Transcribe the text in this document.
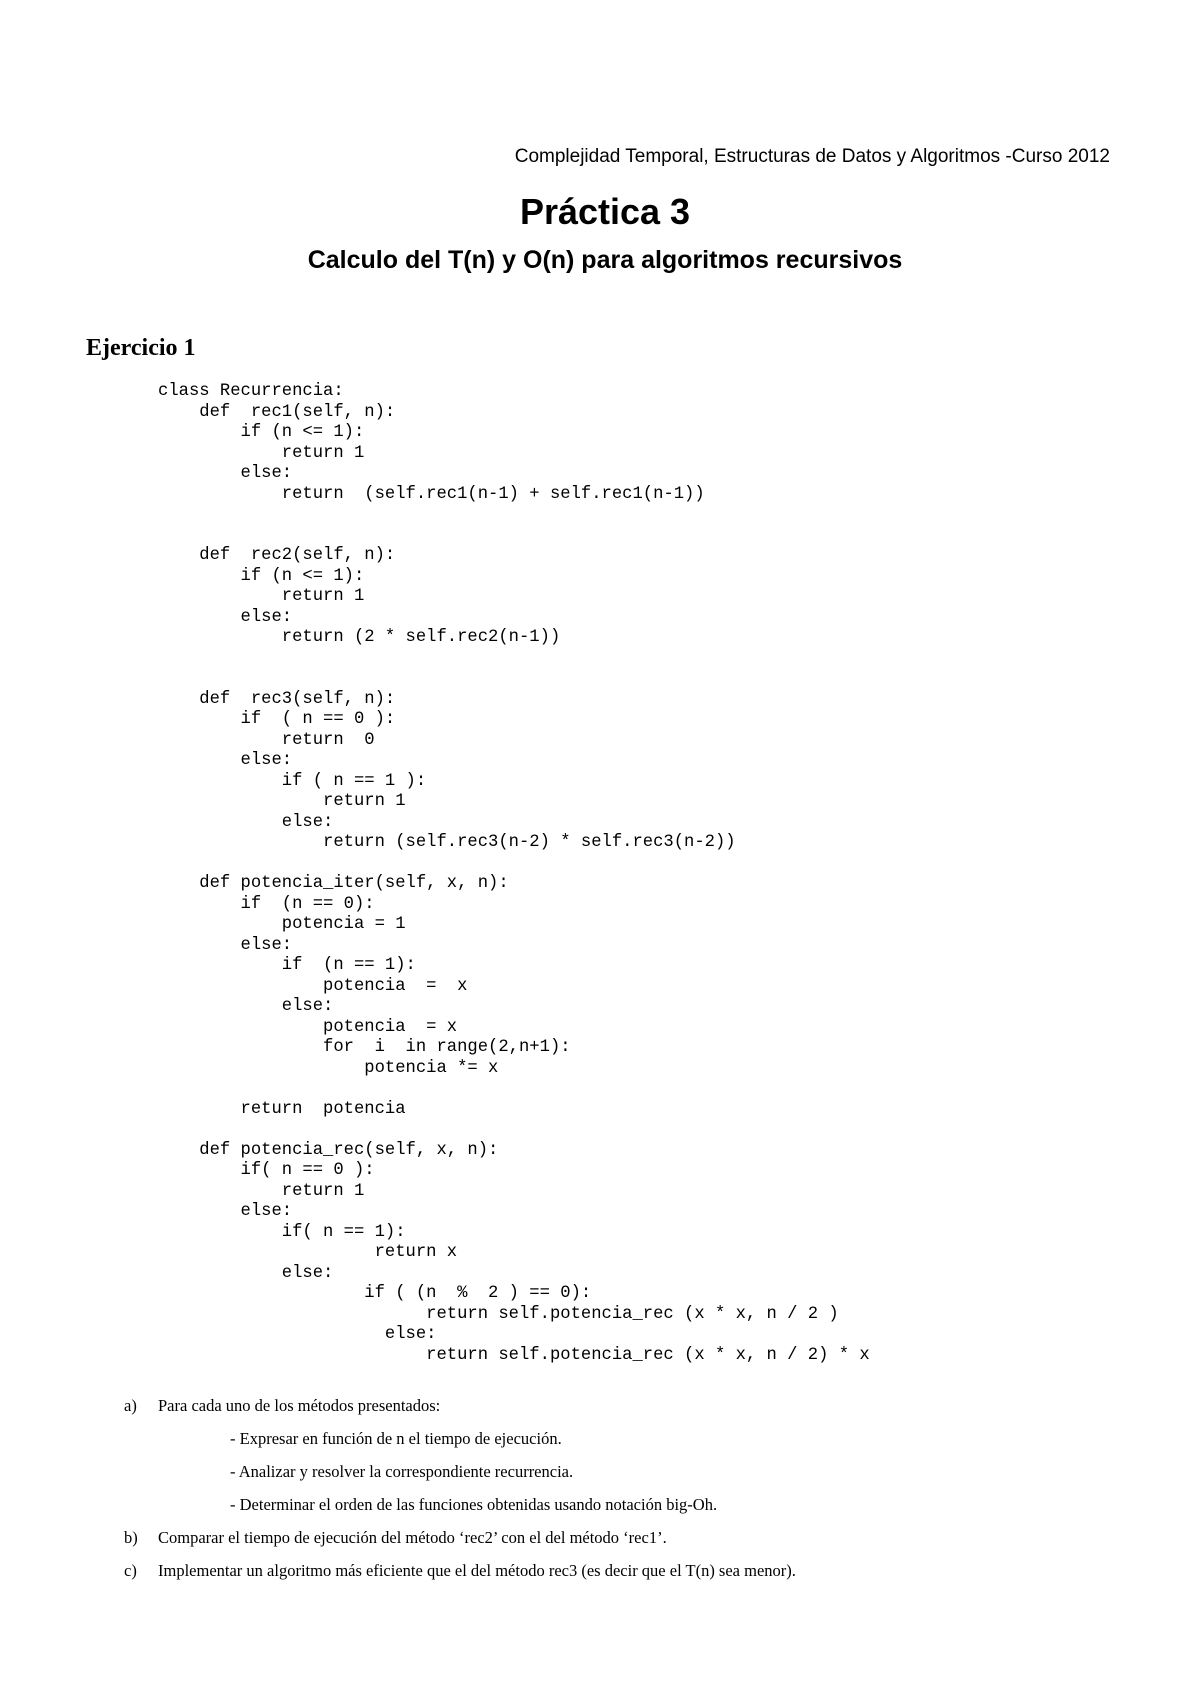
Complejidad Temporal, Estructuras de Datos y Algoritmos -Curso 2012
Práctica 3
Calculo del T(n) y O(n) para algoritmos recursivos
Ejercicio 1
class Recurrencia:
def  rec1(self, n):
if (n <= 1):
return 1
else:
return  (self.rec1(n-1) + self.rec1(n-1))

def  rec2(self, n):
if (n <= 1):
return 1
else:
return (2 * self.rec2(n-1))

def  rec3(self, n):
if  ( n == 0 ):
return  0
else:
if ( n == 1 ):
return 1
else:
return (self.rec3(n-2) * self.rec3(n-2))

def potencia_iter(self, x, n):
if  (n == 0):
potencia = 1
else:
if  (n == 1):
potencia  =  x
else:
potencia  = x
for  i  in range(2,n+1):
potencia *= x

return  potencia

def potencia_rec(self, x, n):
if( n == 0 ):
return 1
else:
if( n == 1):
return x
else:
if ( (n  %  2 ) == 0):
return self.potencia_rec (x * x, n / 2 )
else:
return self.potencia_rec (x * x, n / 2) * x
a) Para cada uno de los métodos presentados:
- Expresar en función de n el tiempo de ejecución.
- Analizar y resolver la correspondiente recurrencia.
- Determinar el orden de las funciones obtenidas usando notación big-Oh.
b) Comparar el tiempo de ejecución del método ‘rec2’ con el del método ‘rec1’.
c) Implementar un algoritmo más eficiente que el del método rec3 (es decir que el T(n) sea menor).
